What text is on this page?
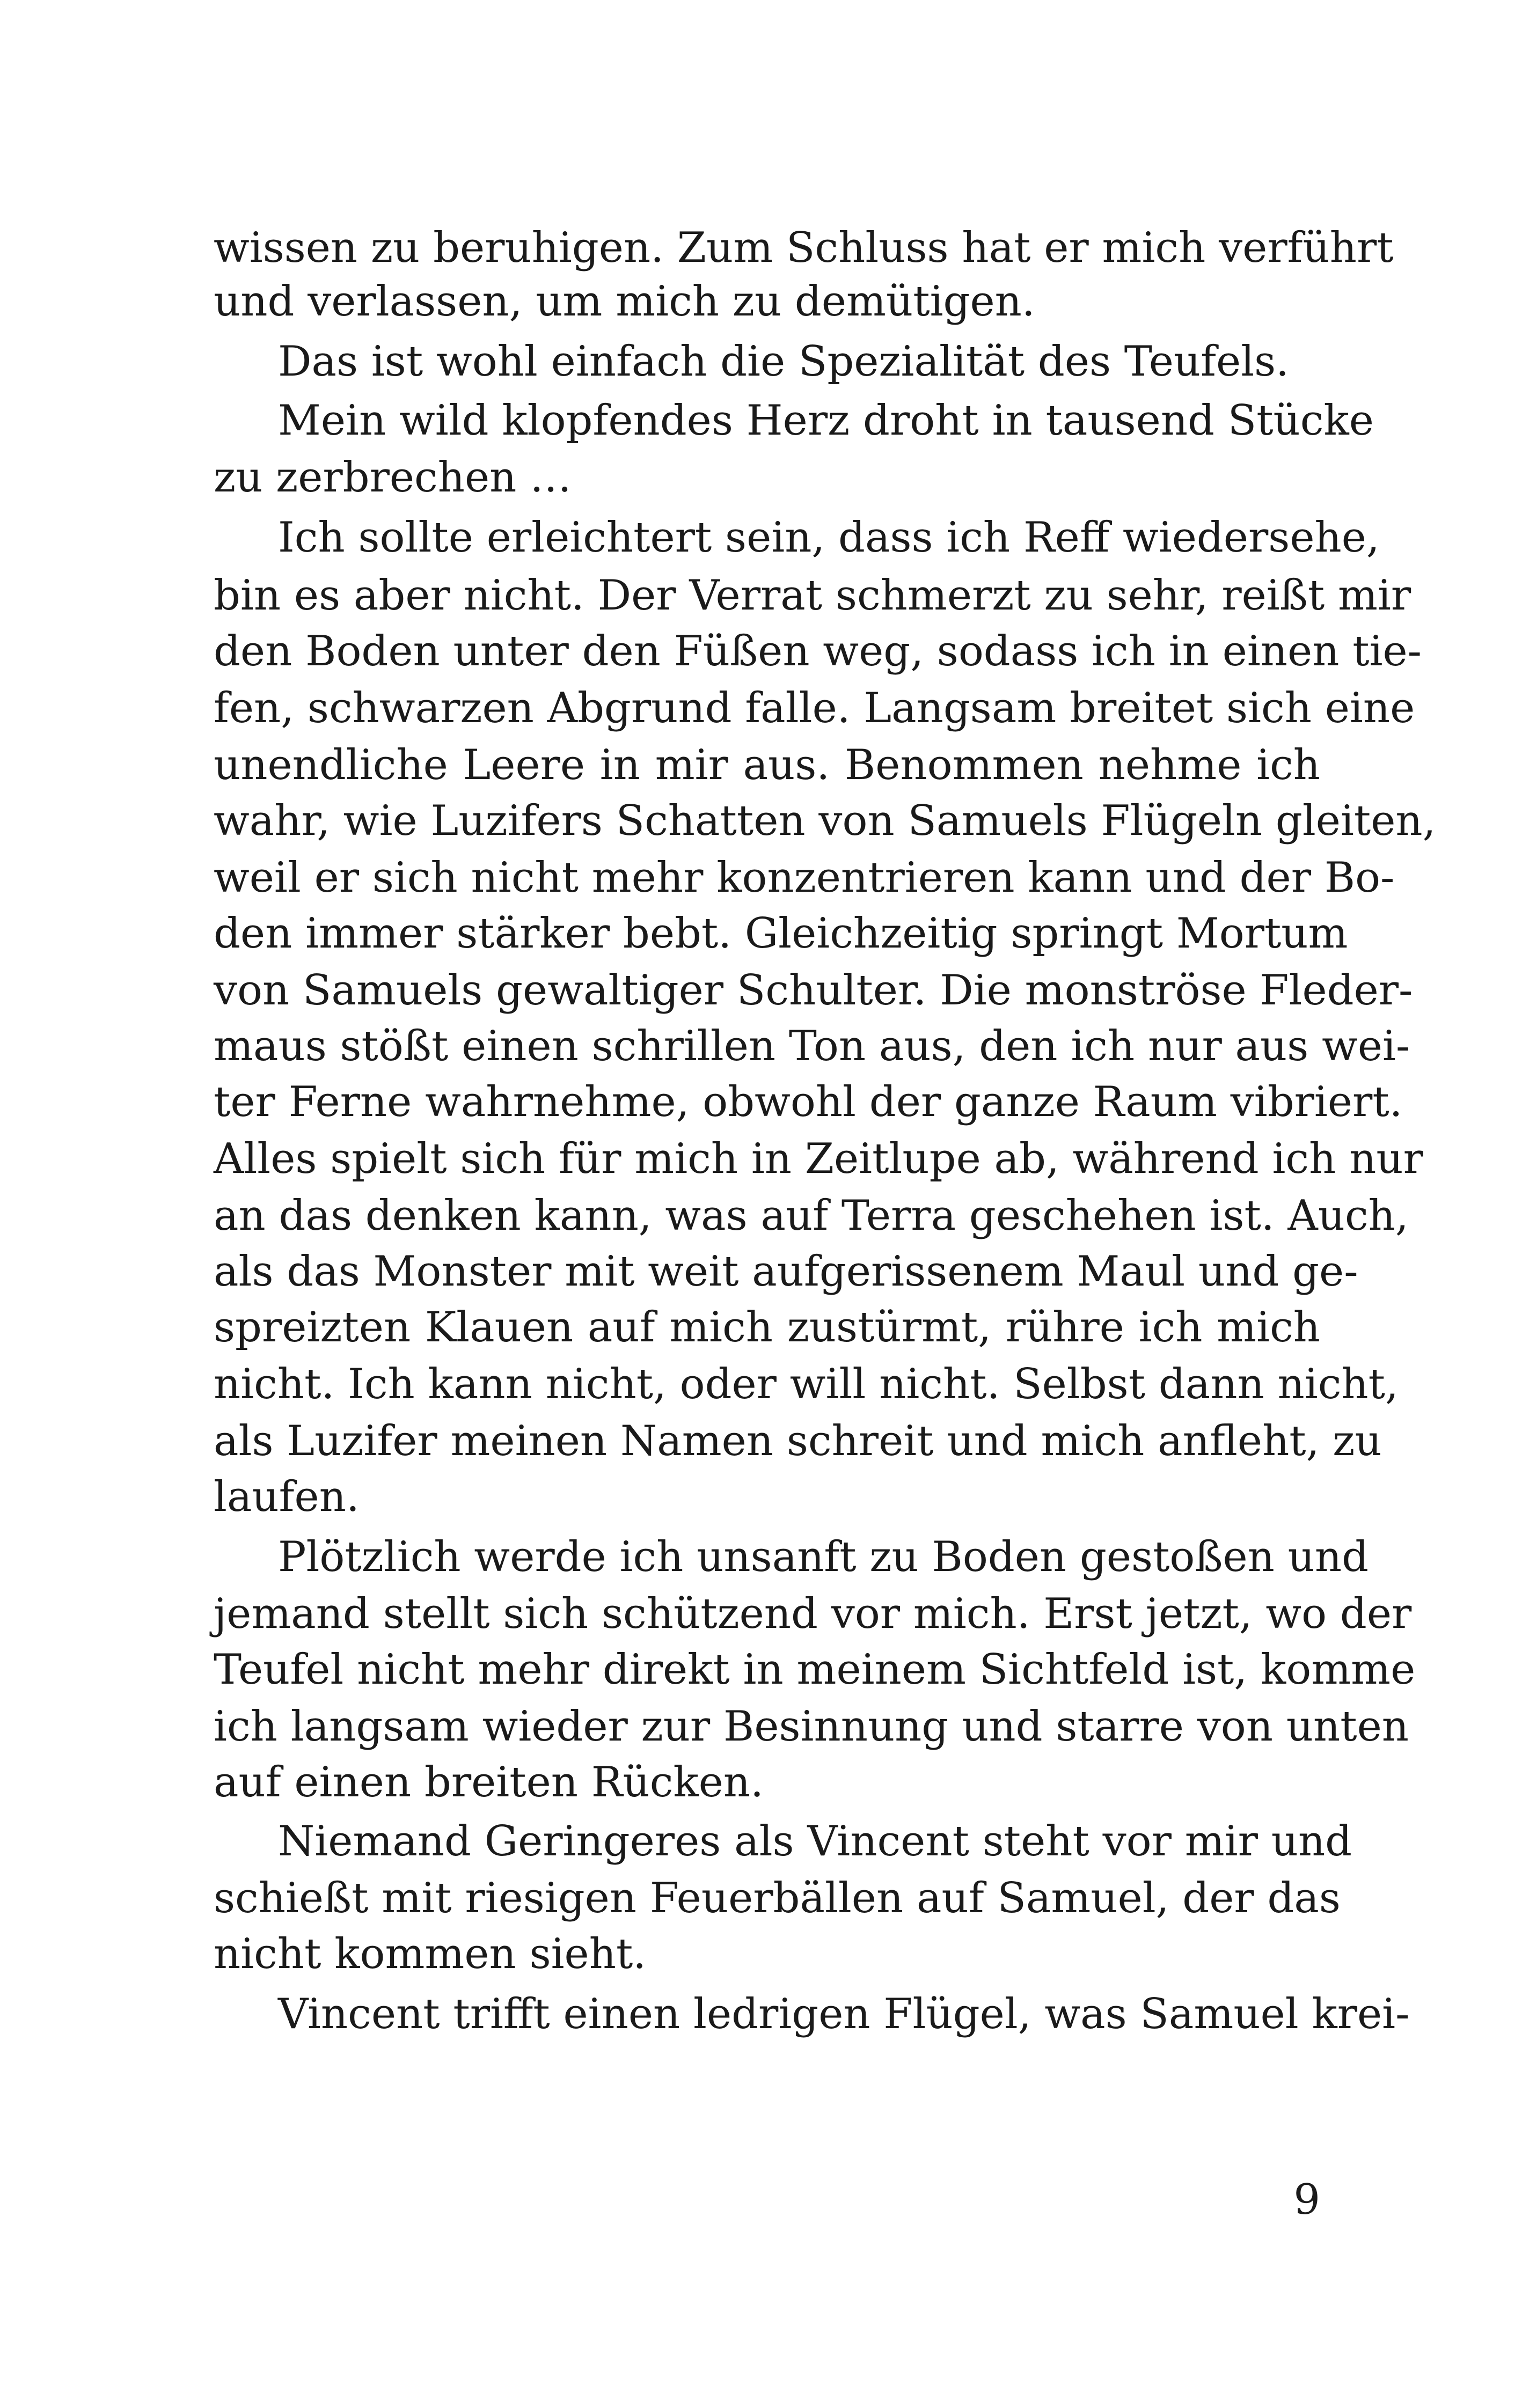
wissen zu beruhigen. Zum Schluss hat er mich verführt
und verlassen, um mich zu demütigen.
Das ist wohl einfach die Spezialität des Teufels.
Mein wild klopfendes Herz droht in tausend Stücke
zu zerbrechen …
Ich sollte erleichtert sein, dass ich Reff wiedersehe,
bin es aber nicht. Der Verrat schmerzt zu sehr, reißt mir
den Boden unter den Füßen weg, sodass ich in einen tie-
fen, schwarzen Abgrund falle. Langsam breitet sich eine
unendliche Leere in mir aus. Benommen nehme ich
wahr, wie Luzifers Schatten von Samuels Flügeln gleiten,
weil er sich nicht mehr konzentrieren kann und der Bo-
den immer stärker bebt. Gleichzeitig springt Mortum
von Samuels gewaltiger Schulter. Die monströse Fleder-
maus stößt einen schrillen Ton aus, den ich nur aus wei-
ter Ferne wahrnehme, obwohl der ganze Raum vibriert.
Alles spielt sich für mich in Zeitlupe ab, während ich nur
an das denken kann, was auf Terra geschehen ist. Auch,
als das Monster mit weit aufgerissenem Maul und ge-
spreizten Klauen auf mich zustürmt, rühre ich mich
nicht. Ich kann nicht, oder will nicht. Selbst dann nicht,
als Luzifer meinen Namen schreit und mich anfleht, zu
laufen.
Plötzlich werde ich unsanft zu Boden gestoßen und
jemand stellt sich schützend vor mich. Erst jetzt, wo der
Teufel nicht mehr direkt in meinem Sichtfeld ist, komme
ich langsam wieder zur Besinnung und starre von unten
auf einen breiten Rücken.
Niemand Geringeres als Vincent steht vor mir und
schießt mit riesigen Feuerbällen auf Samuel, der das
nicht kommen sieht.
Vincent trifft einen ledrigen Flügel, was Samuel krei-
9
